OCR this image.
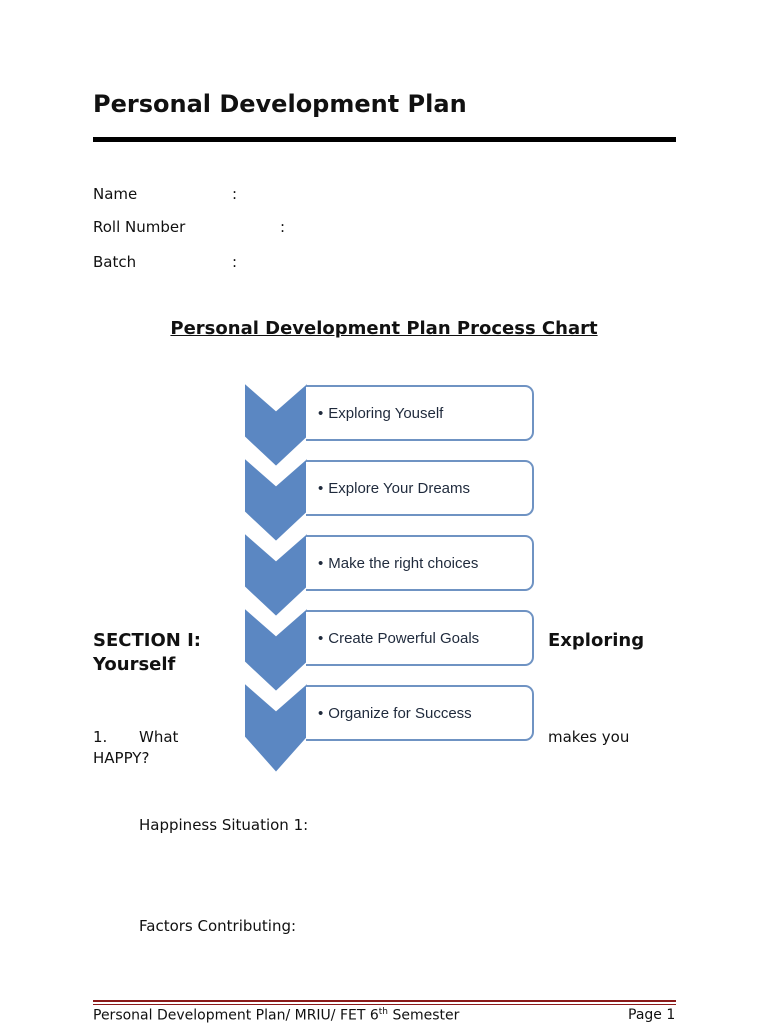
Personal Development Plan
Name	:
Roll Number	:
Batch	:
Personal Development Plan Process Chart
SECTION I:	Exploring
Yourself
1. What	makes you
HAPPY?
Happiness Situation 1:
Factors Contributing:
• Exploring Youself
• Explore Your Dreams
• Make the right choices
• Create Powerful Goals
• Organize for Success
Personal Development Plan/ MRIU/ FET 6th Semester	Page 1
